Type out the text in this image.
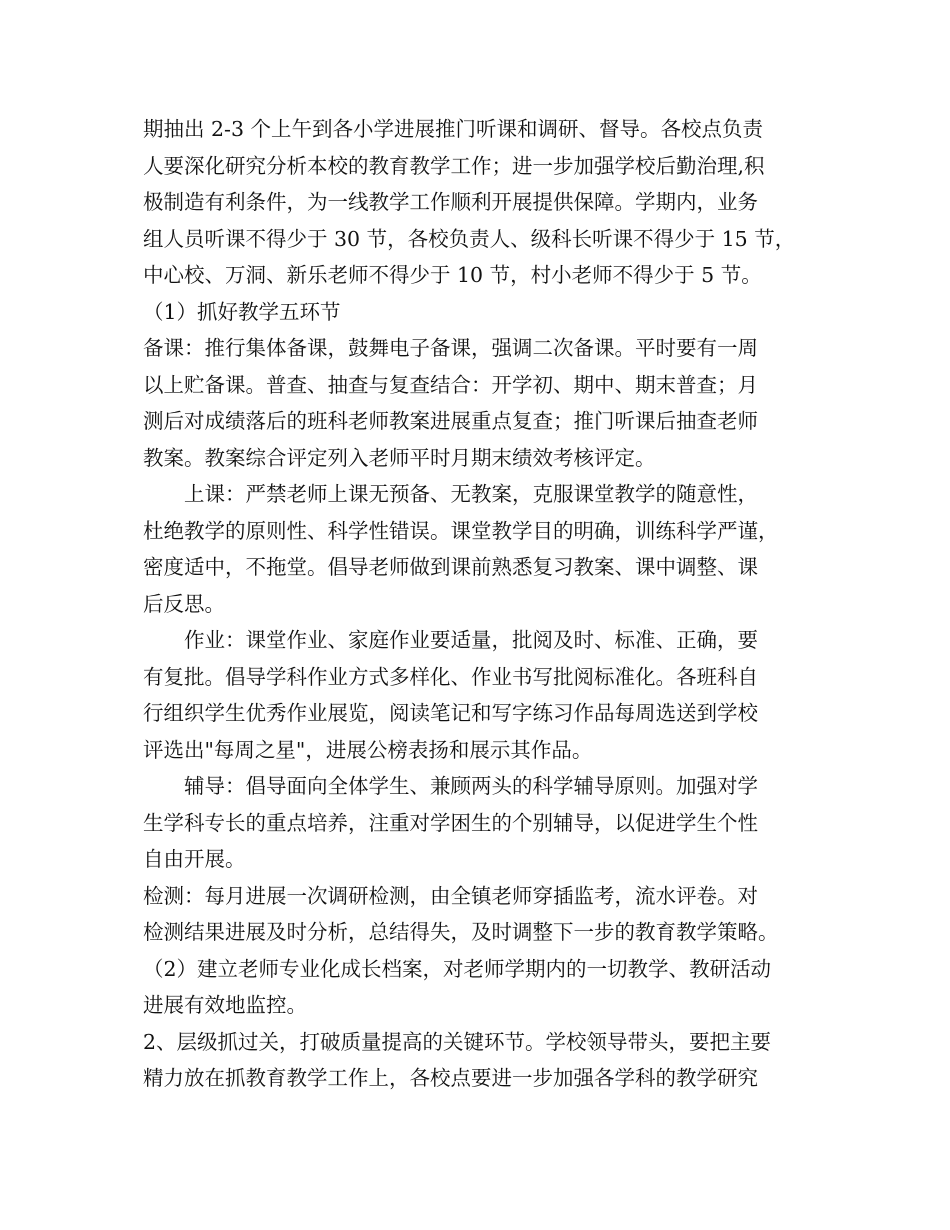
期抽出 2-3 个上午到各小学进展推门听课和调研、督导。各校点负责
人要深化研究分析本校的教育教学工作；进一步加强学校后勤治理,积
极制造有利条件，为一线教学工作顺利开展提供保障。学期内，业务
组人员听课不得少于 30 节，各校负责人、级科长听课不得少于 15 节，
中心校、万洞、新乐老师不得少于 10 节，村小老师不得少于 5 节。
（1）抓好教学五环节
备课：推行集体备课，鼓舞电子备课，强调二次备课。平时要有一周
以上贮备课。普查、抽查与复查结合：开学初、期中、期末普查；月
测后对成绩落后的班科老师教案进展重点复查；推门听课后抽查老师
教案。教案综合评定列入老师平时月期末绩效考核评定。
上课：严禁老师上课无预备、无教案，克服课堂教学的随意性，
杜绝教学的原则性、科学性错误。课堂教学目的明确，训练科学严谨，
密度适中，不拖堂。倡导老师做到课前熟悉复习教案、课中调整、课
后反思。
作业：课堂作业、家庭作业要适量，批阅及时、标准、正确，要
有复批。倡导学科作业方式多样化、作业书写批阅标准化。各班科自
行组织学生优秀作业展览，阅读笔记和写字练习作品每周选送到学校
评选出"每周之星"，进展公榜表扬和展示其作品。
辅导：倡导面向全体学生、兼顾两头的科学辅导原则。加强对学
生学科专长的重点培养，注重对学困生的个别辅导，以促进学生个性
自由开展。
检测：每月进展一次调研检测，由全镇老师穿插监考，流水评卷。对
检测结果进展及时分析，总结得失，及时调整下一步的教育教学策略。
（2）建立老师专业化成长档案，对老师学期内的一切教学、教研活动
进展有效地监控。
2、层级抓过关，打破质量提高的关键环节。学校领导带头，要把主要
精力放在抓教育教学工作上，各校点要进一步加强各学科的教学研究
